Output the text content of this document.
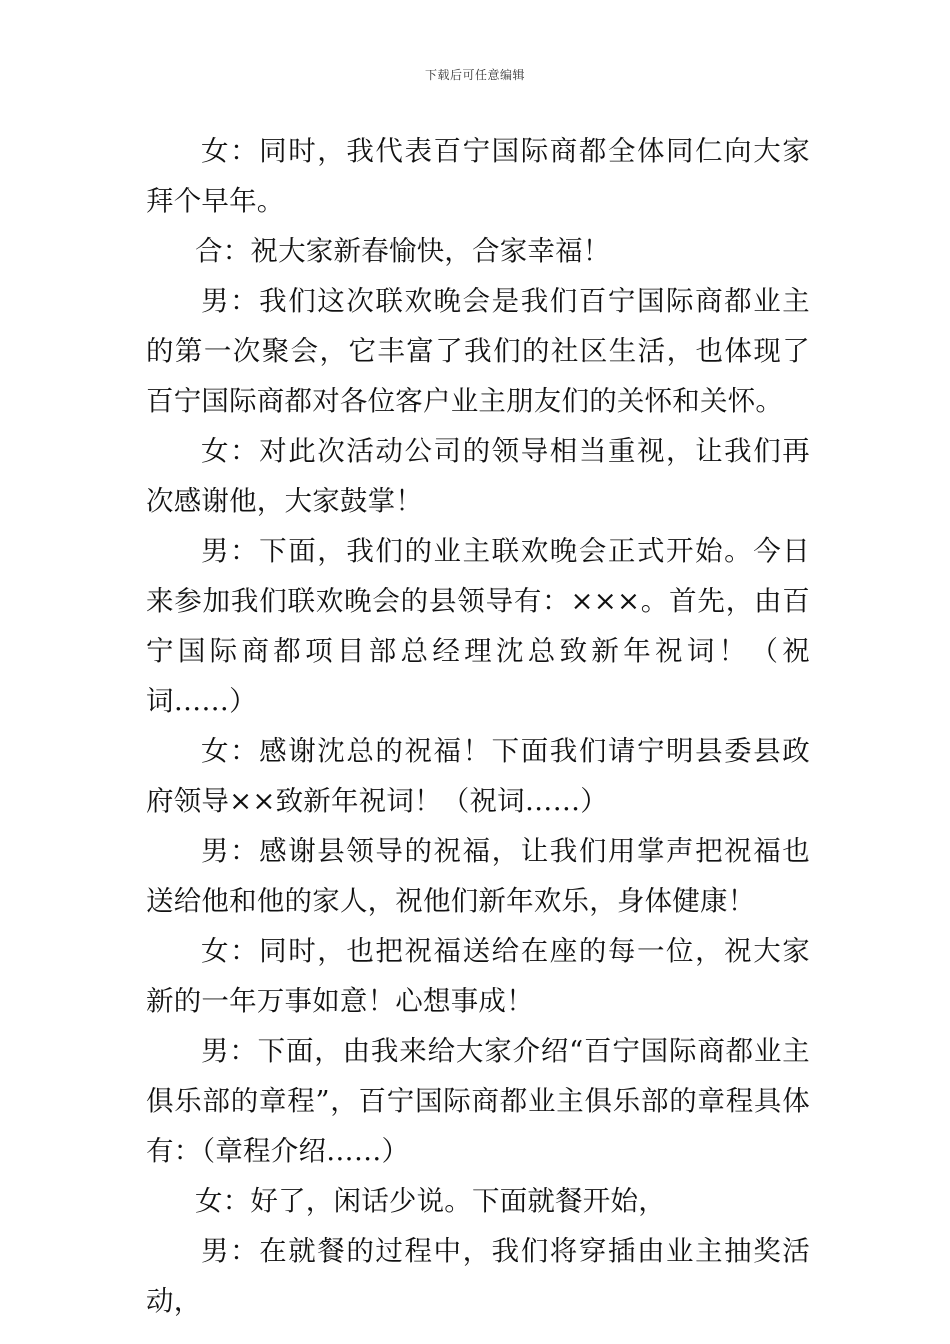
下载后可任意编辑

女：同时，我代表百宁国际商都全体同仁向大家拜个早年。

合：祝大家新春愉快，合家幸福！

男：我们这次联欢晚会是我们百宁国际商都业主的第一次聚会，它丰富了我们的社区生活，也体现了百宁国际商都对各位客户业主朋友们的关怀和关怀。

女：对此次活动公司的领导相当重视，让我们再次感谢他，大家鼓掌！

男：下面，我们的业主联欢晚会正式开始。今日来参加我们联欢晚会的县领导有：×××。首先，由百宁国际商都项目部总经理沈总致新年祝词！（祝词……）

女：感谢沈总的祝福！下面我们请宁明县委县政府领导××致新年祝词！（祝词……）

男：感谢县领导的祝福，让我们用掌声把祝福也送给他和他的家人，祝他们新年欢乐，身体健康！

女：同时，也把祝福送给在座的每一位，祝大家新的一年万事如意！心想事成！

男：下面，由我来给大家介绍“百宁国际商都业主俱乐部的章程”，百宁国际商都业主俱乐部的章程具体有：（章程介绍……）

女：好了，闲话少说。下面就餐开始，

男：在就餐的过程中，我们将穿插由业主抽奖活动，
